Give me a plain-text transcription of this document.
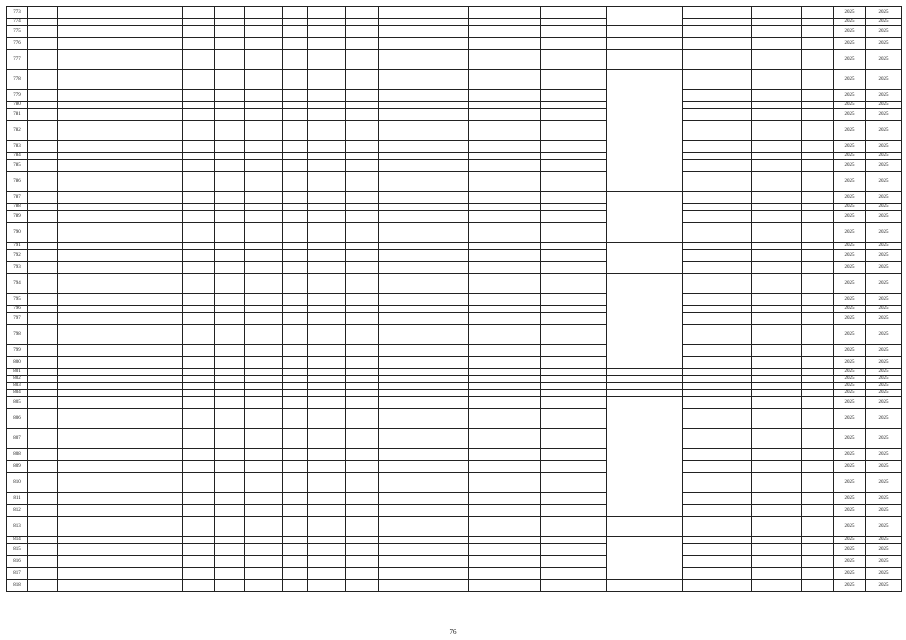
773																2025	2025
774																2025	2025
775																2025	2025
776																2025	2025
777																2025	2025
778																2025	2025
779																2025	2025
780																2025	2025
781																2025	2025
782																2025	2025
783																2025	2025
784																2025	2025
785																2025	2025
786																2025	2025
787																2025	2025
788																2025	2025
789																2025	2025
790																2025	2025
791																2025	2025
792																2025	2025
793																2025	2025
794																2025	2025
795																2025	2025
796																2025	2025
797																2025	2025
798																2025	2025
799																2025	2025
800																2025	2025
801																2025	2025
802																2025	2025
803																2025	2025
804																2025	2025
805																2025	2025
806																2025	2025
807																2025	2025
808																2025	2025
809																2025	2025
810																2025	2025
811																2025	2025
812																2025	2025
813																2025	2025
814																2025	2025
815																2025	2025
816																2025	2025
817																2025	2025
818																2025	2025
76
